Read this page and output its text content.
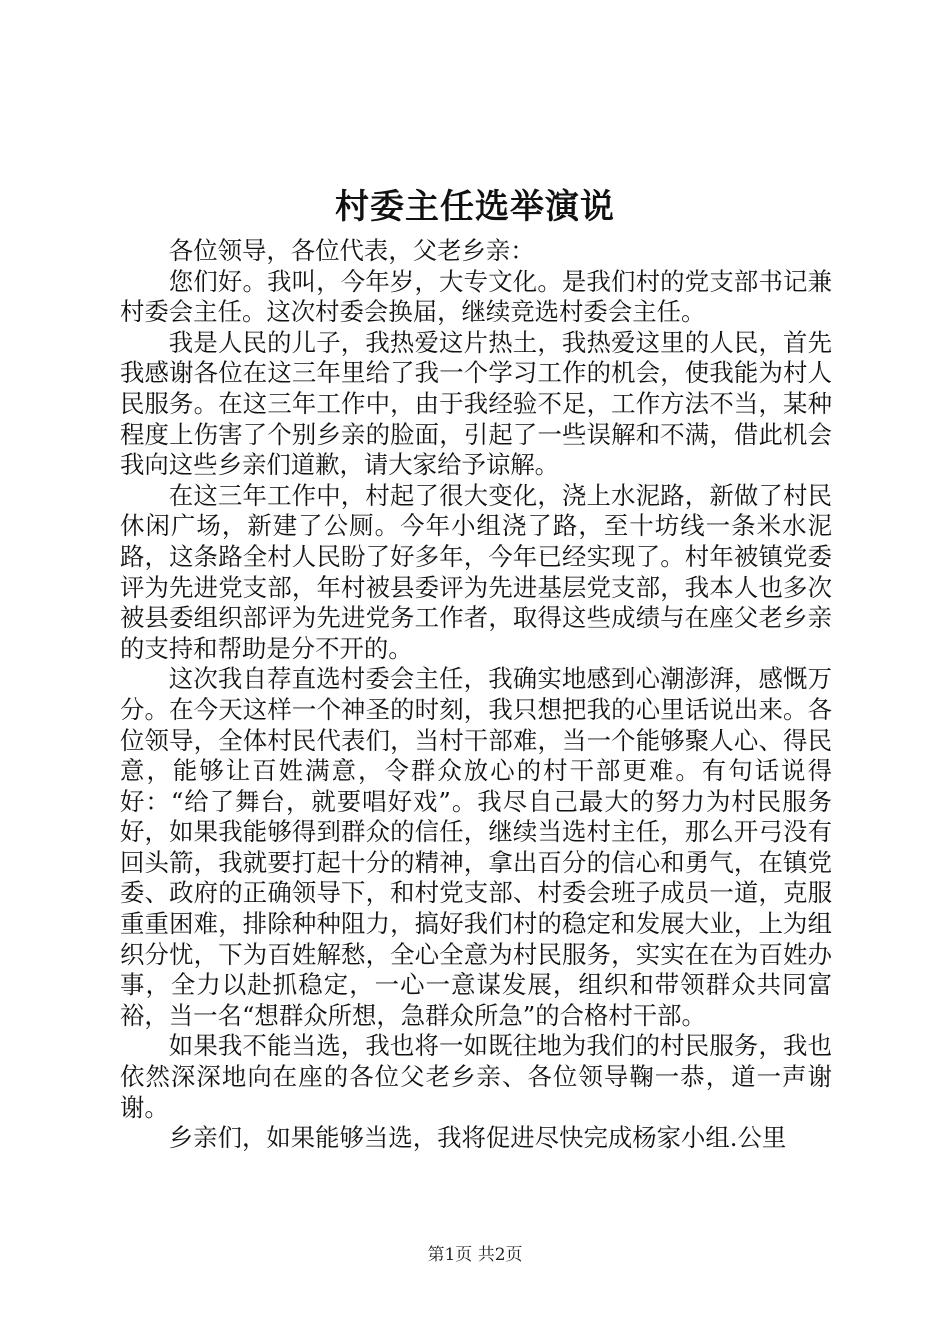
村委主任选举演说

各位领导，各位代表，父老乡亲：

您们好。我叫，今年岁，大专文化。是我们村的党支部书记兼村委会主任。这次村委会换届，继续竞选村委会主任。

我是人民的儿子，我热爱这片热土，我热爱这里的人民，首先我感谢各位在这三年里给了我一个学习工作的机会，使我能为村人民服务。在这三年工作中，由于我经验不足，工作方法不当，某种程度上伤害了个别乡亲的脸面，引起了一些误解和不满，借此机会我向这些乡亲们道歉，请大家给予谅解。

在这三年工作中，村起了很大变化，浇上水泥路，新做了村民休闲广场，新建了公厕。今年小组浇了路，至十坊线一条米水泥路，这条路全村人民盼了好多年，今年已经实现了。村年被镇党委评为先进党支部，年村被县委评为先进基层党支部，我本人也多次被县委组织部评为先进党务工作者，取得这些成绩与在座父老乡亲的支持和帮助是分不开的。

这次我自荐直选村委会主任，我确实地感到心潮澎湃，感慨万分。在今天这样一个神圣的时刻，我只想把我的心里话说出来。各位领导，全体村民代表们，当村干部难，当一个能够聚人心、得民意，能够让百姓满意，令群众放心的村干部更难。有句话说得好：“给了舞台，就要唱好戏”。我尽自己最大的努力为村民服务好，如果我能够得到群众的信任，继续当选村主任，那么开弓没有回头箭，我就要打起十分的精神，拿出百分的信心和勇气，在镇党委、政府的正确领导下，和村党支部、村委会班子成员一道，克服重重困难，排除种种阻力，搞好我们村的稳定和发展大业，上为组织分忧，下为百姓解愁，全心全意为村民服务，实实在在为百姓办事，全力以赴抓稳定，一心一意谋发展，组织和带领群众共同富裕，当一名“想群众所想，急群众所急”的合格村干部。

如果我不能当选，我也将一如既往地为我们的村民服务，我也依然深深地向在座的各位父老乡亲、各位领导鞠一恭，道一声谢谢。

乡亲们，如果能够当选，我将促进尽快完成杨家小组.公里

第1页 共2页
